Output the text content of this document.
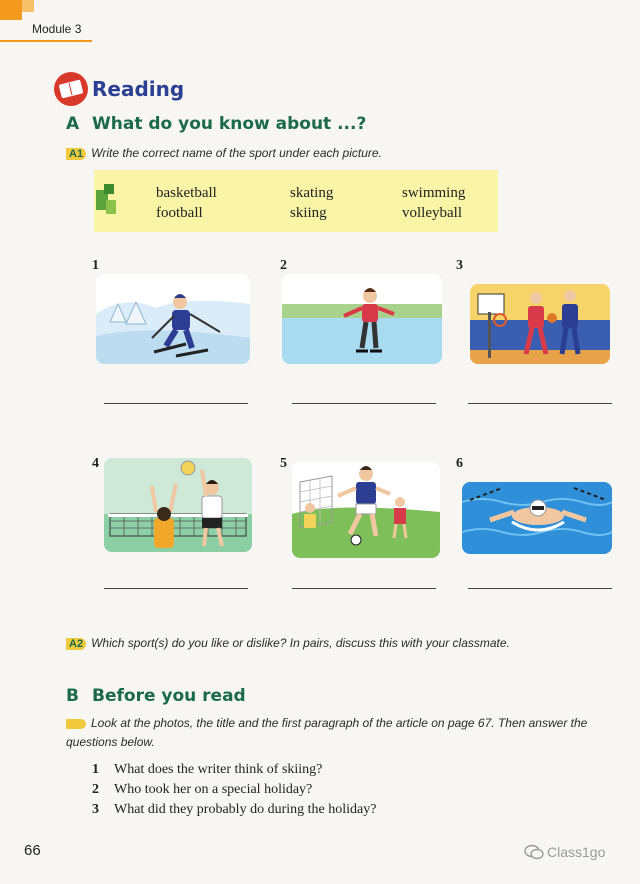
Module 3
Reading
A What do you know about ...?
A1 Write the correct name of the sport under each picture.
basketball
football
skating
skiing
swimming
volleyball
1	2	3
4	5	6
A2 Which sport(s) do you like or dislike? In pairs, discuss this with your classmate.
B Before you read
Look at the photos, the title and the first paragraph of the article on page 67. Then answer the questions below.
1 What does the writer think of skiing?
2 Who took her on a special holiday?
3 What did they probably do during the holiday?
66	Class1go
